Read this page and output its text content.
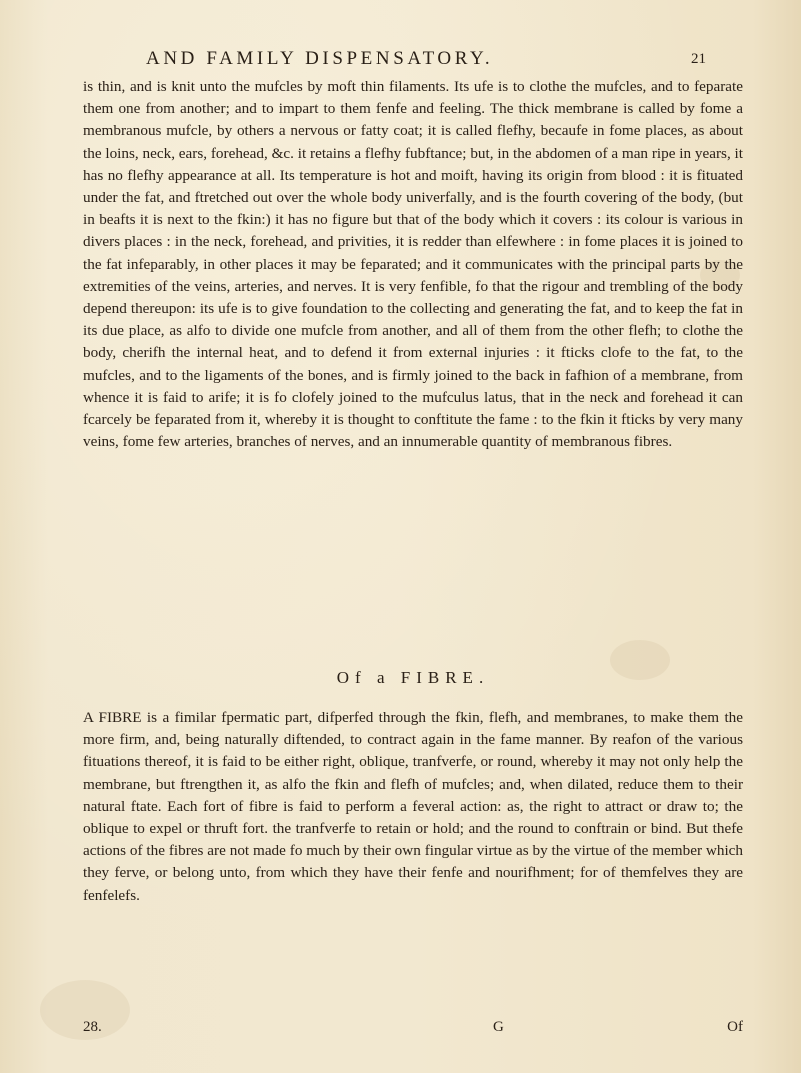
AND FAMILY DISPENSATORY.	21

is thin, and is knit unto the mufcles by moft thin filaments. Its ufe is to clothe the mufcles, and to feparate them one from another; and to impart to them fenfe and feeling. The thick membrane is called by fome a membranous mufcle, by others a nervous or fatty coat; it is called flefhy, becaufe in fome places, as about the loins, neck, ears, forehead, &c. it retains a flefhy fubftance; but, in the abdomen of a man ripe in years, it has no flefhy appearance at all. Its temperature is hot and moift, having its origin from blood : it is fituated under the fat, and ftretched out over the whole body univerfally, and is the fourth covering of the body, (but in beafts it is next to the fkin:) it has no figure but that of the body which it covers : its colour is various in divers places : in the neck, forehead, and privities, it is redder than elfewhere : in fome places it is joined to the fat infeparably, in other places it may be feparated; and it communicates with the principal parts by the extremities of the veins, arteries, and nerves. It is very fenfible, fo that the rigour and trembling of the body depend thereupon: its ufe is to give foundation to the collecting and generating the fat, and to keep the fat in its due place, as alfo to divide one mufcle from another, and all of them from the other flefh; to clothe the body, cherifh the internal heat, and to defend it from external injuries : it fticks clofe to the fat, to the mufcles, and to the ligaments of the bones, and is firmly joined to the back in fafhion of a membrane, from whence it is faid to arife; it is fo clofely joined to the mufculus latus, that in the neck and forehead it can fcarcely be feparated from it, whereby it is thought to conftitute the fame : to the fkin it fticks by very many veins, fome few arteries, branches of nerves, and an innumerable quantity of membranous fibres.

Of a FIBRE.

A FIBRE is a fimilar fpermatic part, difperfed through the fkin, flefh, and membranes, to make them the more firm, and, being naturally diftended, to contract again in the fame manner. By reafon of the various fituations thereof, it is faid to be either right, oblique, tranfverfe, or round, whereby it may not only help the membrane, but ftrengthen it, as alfo the fkin and flefh of mufcles; and, when dilated, reduce them to their natural ftate. Each fort of fibre is faid to perform a feveral action: as, the right to attract or draw to; the oblique to expel or thruft fort. the tranfverfe to retain or hold; and the round to conftrain or bind. But thefe actions of the fibres are not made fo much by their own fingular virtue as by the virtue of the member which they ferve, or belong unto, from which they have their fenfe and nourifhment; for of themfelves they are fenfelefs.

28.	G	Of
